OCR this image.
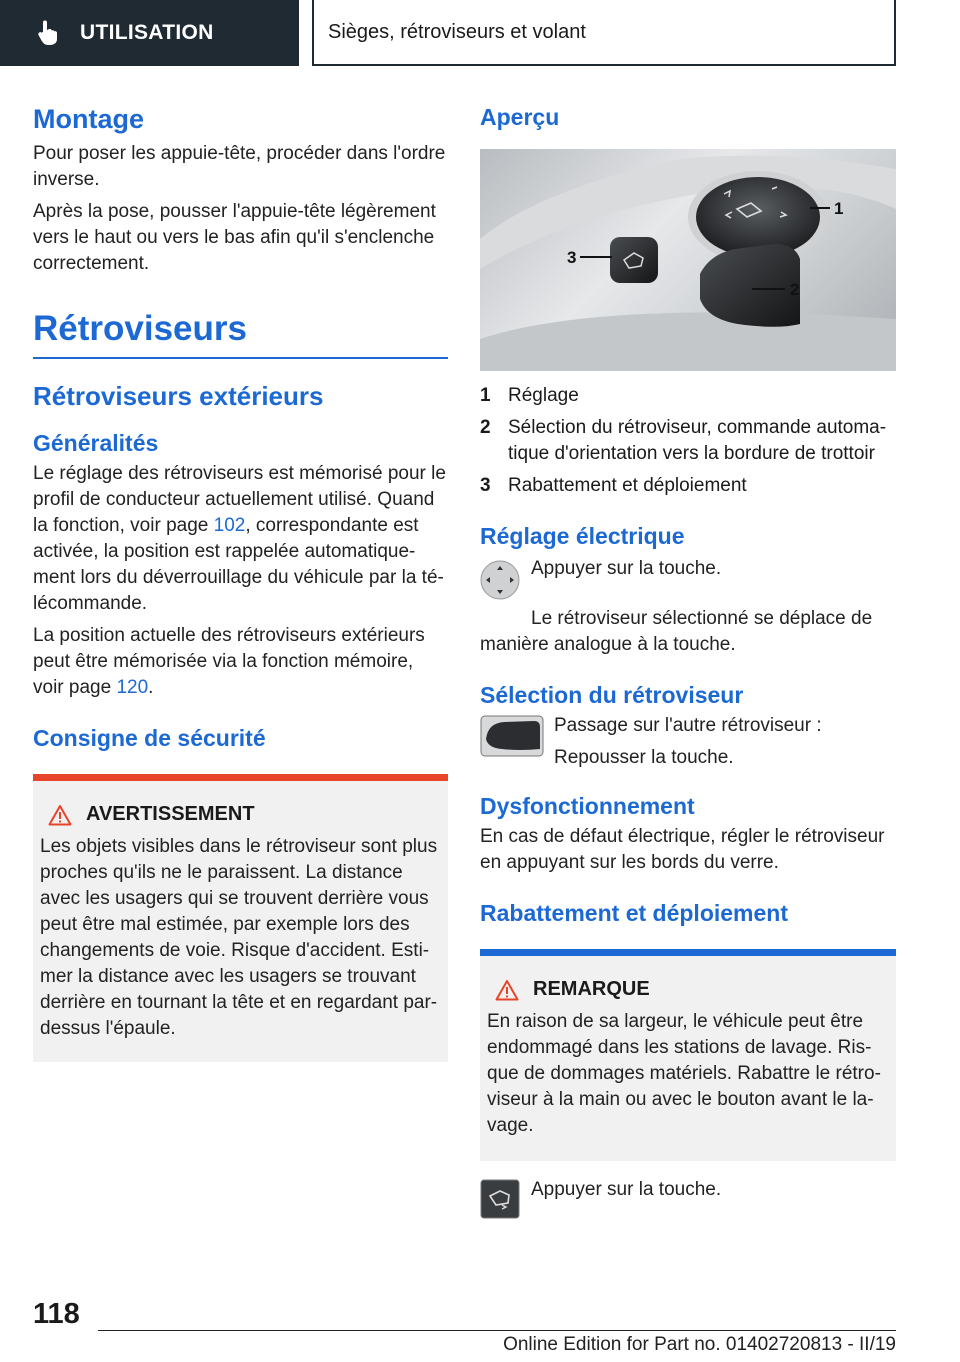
UTILISATION	Sièges, rétroviseurs et volant
Montage

Pour poser les appuie-tête, procéder dans l'ordre inverse.

Après la pose, pousser l'appuie-tête légèrement vers le haut ou vers le bas afin qu'il s'enclenche correctement.

Rétroviseurs
Rétroviseurs extérieurs
Généralités

Le réglage des rétroviseurs est mémorisé pour le profil de conducteur actuellement utilisé. Quand la fonction, voir page 102, correspondante est activée, la position est rappelée automatiquement lors du déverrouillage du véhicule par la télécommande.

La position actuelle des rétroviseurs extérieurs peut être mémorisée via la fonction mémoire, voir page 120.

Consigne de sécurité
AVERTISSEMENT

Les objets visibles dans le rétroviseur sont plus proches qu'ils ne le paraissent. La distance avec les usagers qui se trouvent derrière vous peut être mal estimée, par exemple lors des changements de voie. Risque d'accident. Estimer la distance avec les usagers se trouvant derrière en tournant la tête et en regardant par-dessus l'épaule.

Aperçu
1
2
3
1 Réglage
2 Sélection du rétroviseur, commande automatique d'orientation vers la bordure de trottoir
3 Rabattement et déploiement
Réglage électrique

Appuyer sur la touche.

Le rétroviseur sélectionné se déplace de manière analogue à la touche.

Sélection du rétroviseur

Passage sur l'autre rétroviseur :

Repousser la touche.

Dysfonctionnement

En cas de défaut électrique, régler le rétroviseur en appuyant sur les bords du verre.

Rabattement et déploiement
REMARQUE

En raison de sa largeur, le véhicule peut être endommagé dans les stations de lavage. Risque de dommages matériels. Rabattre le rétroviseur à la main ou avec le bouton avant le lavage.

Appuyer sur la touche.

118
Online Edition for Part no. 01402720813 - II/19
